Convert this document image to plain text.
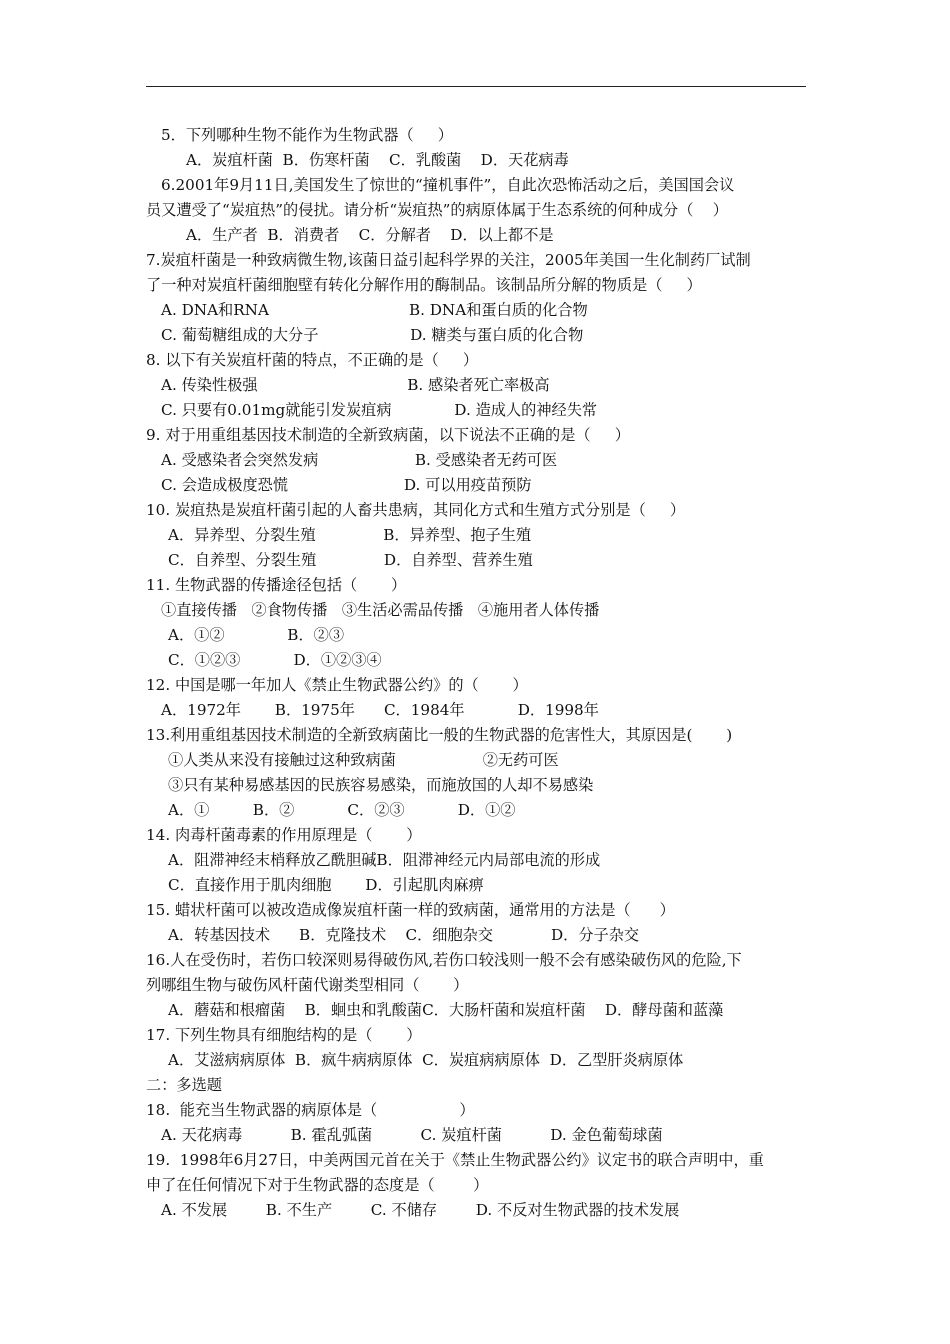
5．下列哪种生物不能作为生物武器（     ）
A．炭疽杆菌  B．伤寒杆菌    C．乳酸菌    D．天花病毒
6.2001年9月11日,美国发生了惊世的“撞机事件”，自此次恐怖活动之后，美国国会议
员又遭受了“炭疽热”的侵扰。请分析“炭疽热”的病原体属于生态系统的何种成分（    ）
A．生产者  B．消费者    C．分解者    D．以上都不是
7.炭疽杆菌是一种致病微生物,该菌日益引起科学界的关注，2005年美国一生化制药厂试制
了一种对炭疽杆菌细胞壁有转化分解作用的酶制品。该制品所分解的物质是（     ）
A. DNA和RNA                             B. DNA和蛋白质的化合物
C. 葡萄糖组成的大分子                   D. 糖类与蛋白质的化合物
8. 以下有关炭疽杆菌的特点，不正确的是（     ）
A. 传染性极强                               B. 感染者死亡率极高
C. 只要有0.01mg就能引发炭疽病             D. 造成人的神经失常
9. 对于用重组基因技术制造的全新致病菌，以下说法不正确的是（     ）
A. 受感染者会突然发病                    B. 受感染者无药可医
C. 会造成极度恐慌                        D. 可以用疫苗预防
10. 炭疽热是炭疽杆菌引起的人畜共患病，其同化方式和生殖方式分别是（     ）
A．异养型、分裂生殖              B．异养型、抱子生殖
C．自养型、分裂生殖              D．自养型、营养生殖
11. 生物武器的传播途径包括（       ）
①直接传播   ②食物传播   ③生活必需品传播   ④施用者人体传播
A．①②             B．②③
C．①②③           D．①②③④
12. 中国是哪一年加人《禁止生物武器公约》的（       ）
A．1972年       B．1975年      C．1984年           D．1998年
13.利用重组基因技术制造的全新致病菌比一般的生物武器的危害性大，其原因是(       )
①人类从来没有接触过这种致病菌                  ②无药可医
③只有某种易感基因的民族容易感染，而施放国的人却不易感染
A．①         B．②           C．②③           D．①②
14. 肉毒杆菌毒素的作用原理是（       ）
A．阻滞神经末梢释放乙酰胆碱B．阻滞神经元内局部电流的形成
C．直接作用于肌肉细胞       D．引起肌肉麻痹
15. 蜡状杆菌可以被改造成像炭疽杆菌一样的致病菌，通常用的方法是（      ）
A．转基因技术      B．克隆技术    C．细胞杂交            D．分子杂交
16.人在受伤时，若伤口较深则易得破伤风,若伤口较浅则一般不会有感染破伤风的危险,下
列哪组生物与破伤风杆菌代谢类型相同（       ）
A．蘑菇和根瘤菌    B．蛔虫和乳酸菌C．大肠杆菌和炭疽杆菌    D．酵母菌和蓝藻
17. 下列生物具有细胞结构的是（       ）
A．艾滋病病原体  B．疯牛病病原体  C．炭疽病病原体  D．乙型肝炎病原体
二：多选题
18.  能充当生物武器的病原体是（                 ）
A. 天花病毒          B. 霍乱弧菌          C. 炭疽杆菌          D. 金色葡萄球菌
19.  1998年6月27日，中美两国元首在关于《禁止生物武器公约》议定书的联合声明中，重
申了在任何情况下对于生物武器的态度是（        ）
A. 不发展        B. 不生产        C. 不储存        D. 不反对生物武器的技术发展
